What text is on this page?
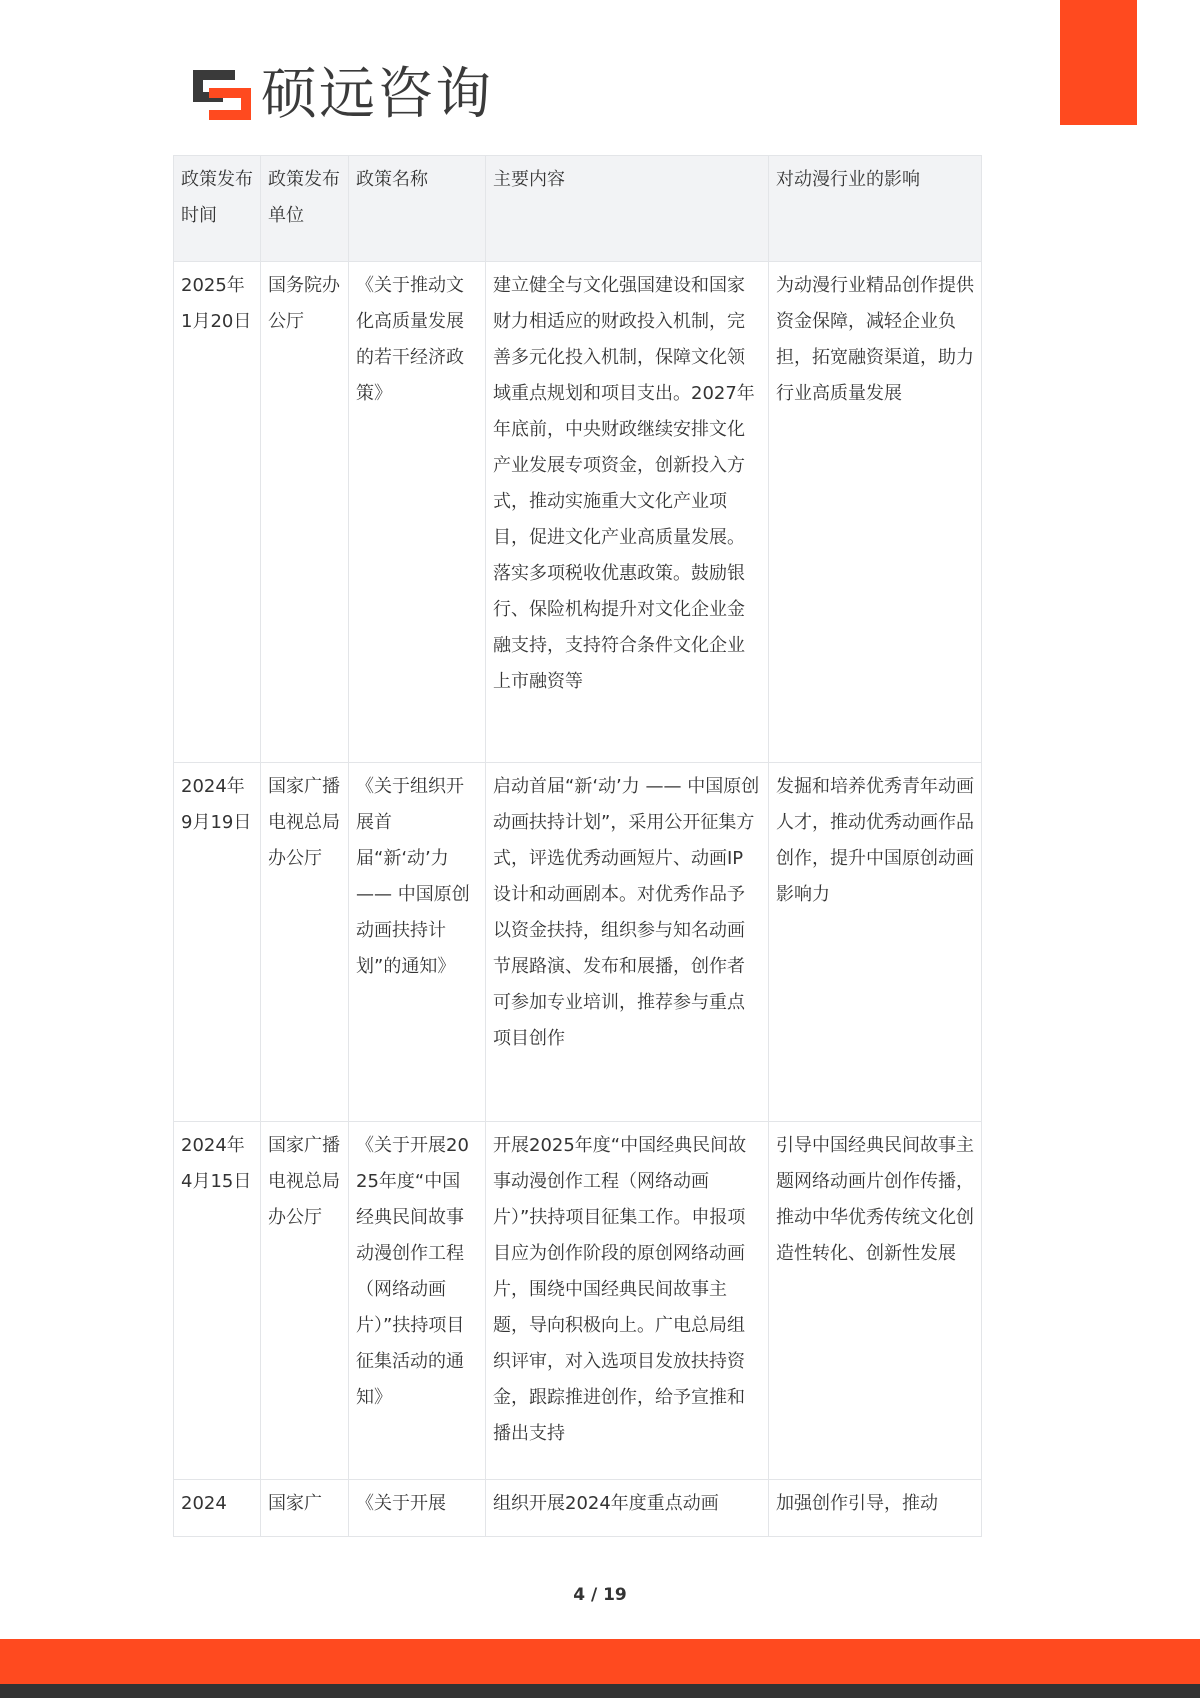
硕远咨询
政策发布时间	政策发布单位	政策名称	主要内容	对动漫行业的影响
2025年1月20日	国务院办公厅	《关于推动文化高质量发展的若干经济政策》	建立健全与文化强国建设和国家财力相适应的财政投入机制，完善多元化投入机制，保障文化领域重点规划和项目支出。2027年年底前，中央财政继续安排文化产业发展专项资金，创新投入方式，推动实施重大文化产业项目，促进文化产业高质量发展。落实多项税收优惠政策。鼓励银行、保险机构提升对文化企业金融支持，支持符合条件文化企业上市融资等	为动漫行业精品创作提供资金保障，减轻企业负担，拓宽融资渠道，助力行业高质量发展
2024年9月19日	国家广播电视总局办公厅	《关于组织开展首届“新‘动’力 —— 中国原创动画扶持计划”的通知》	启动首届“新‘动’力 —— 中国原创动画扶持计划”，采用公开征集方式，评选优秀动画短片、动画IP设计和动画剧本。对优秀作品予以资金扶持，组织参与知名动画节展路演、发布和展播，创作者可参加专业培训，推荐参与重点项目创作	发掘和培养优秀青年动画人才，推动优秀动画作品创作，提升中国原创动画影响力
2024年4月15日	国家广播电视总局办公厅	《关于开展2025年度“中国经典民间故事动漫创作工程（网络动画片）”扶持项目征集活动的通知》	开展2025年度“中国经典民间故事动漫创作工程（网络动画片）”扶持项目征集工作。申报项目应为创作阶段的原创网络动画片，围绕中国经典民间故事主题，导向积极向上。广电总局组织评审，对入选项目发放扶持资金，跟踪推进创作，给予宣推和播出支持	引导中国经典民间故事主题网络动画片创作传播，推动中华优秀传统文化创造性转化、创新性发展
2024	国家广	《关于开展	组织开展2024年度重点动画	加强创作引导，推动
4 / 19
